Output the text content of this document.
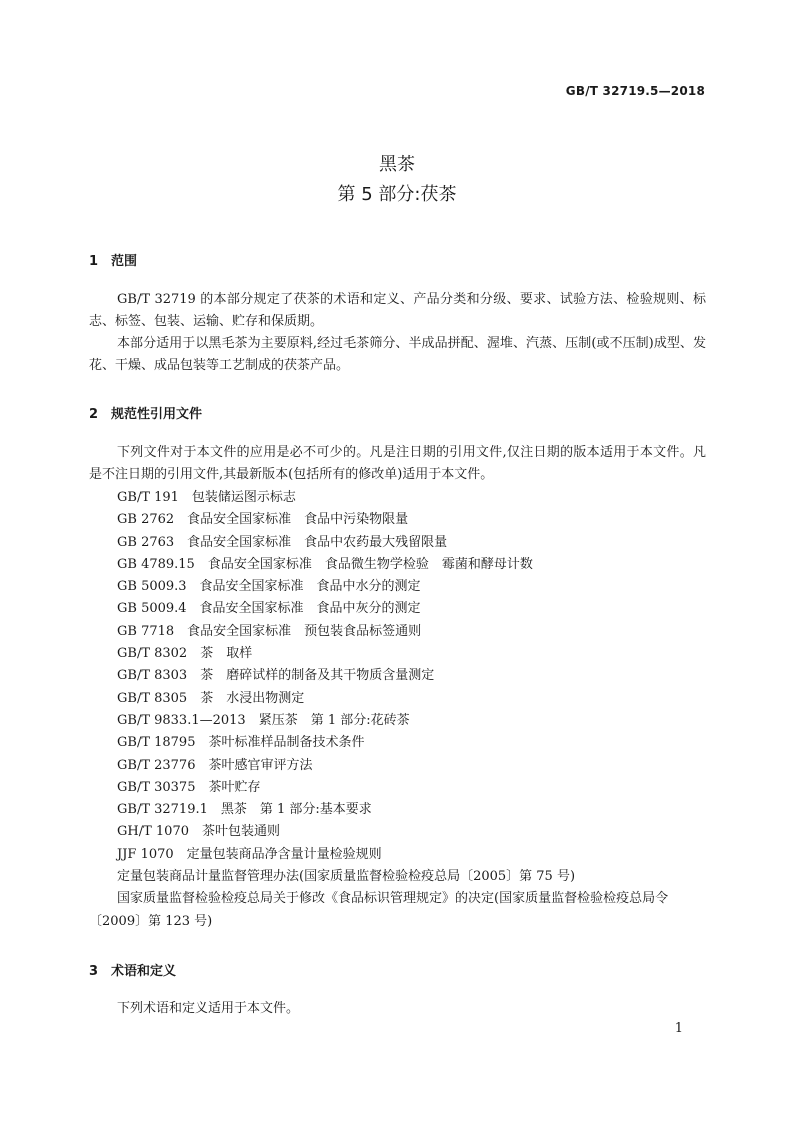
GB/T 32719.5—2018
黑茶
第 5 部分:茯茶
1 范围

GB/T 32719 的本部分规定了茯茶的术语和定义、产品分类和分级、要求、试验方法、检验规则、标志、标签、包装、运输、贮存和保质期。

本部分适用于以黑毛茶为主要原料,经过毛茶筛分、半成品拼配、渥堆、汽蒸、压制(或不压制)成型、发花、干燥、成品包装等工艺制成的茯茶产品。

2 规范性引用文件

下列文件对于本文件的应用是必不可少的。凡是注日期的引用文件,仅注日期的版本适用于本文件。凡是不注日期的引用文件,其最新版本(包括所有的修改单)适用于本文件。

GB/T 191　包装储运图示标志
GB 2762　食品安全国家标准　食品中污染物限量
GB 2763　食品安全国家标准　食品中农药最大残留限量
GB 4789.15　食品安全国家标准　食品微生物学检验　霉菌和酵母计数
GB 5009.3　食品安全国家标准　食品中水分的测定
GB 5009.4　食品安全国家标准　食品中灰分的测定
GB 7718　食品安全国家标准　预包装食品标签通则
GB/T 8302　茶　取样
GB/T 8303　茶　磨碎试样的制备及其干物质含量测定
GB/T 8305　茶　水浸出物测定
GB/T 9833.1—2013　紧压茶　第 1 部分:花砖茶
GB/T 18795　茶叶标准样品制备技术条件
GB/T 23776　茶叶感官审评方法
GB/T 30375　茶叶贮存
GB/T 32719.1　黑茶　第 1 部分:基本要求
GH/T 1070　茶叶包装通则
JJF 1070　定量包装商品净含量计量检验规则
定量包装商品计量监督管理办法(国家质量监督检验检疫总局〔2005〕第 75 号)
国家质量监督检验检疫总局关于修改《食品标识管理规定》的决定(国家质量监督检验检疫总局令〔2009〕第 123 号)
3 术语和定义

下列术语和定义适用于本文件。

1
